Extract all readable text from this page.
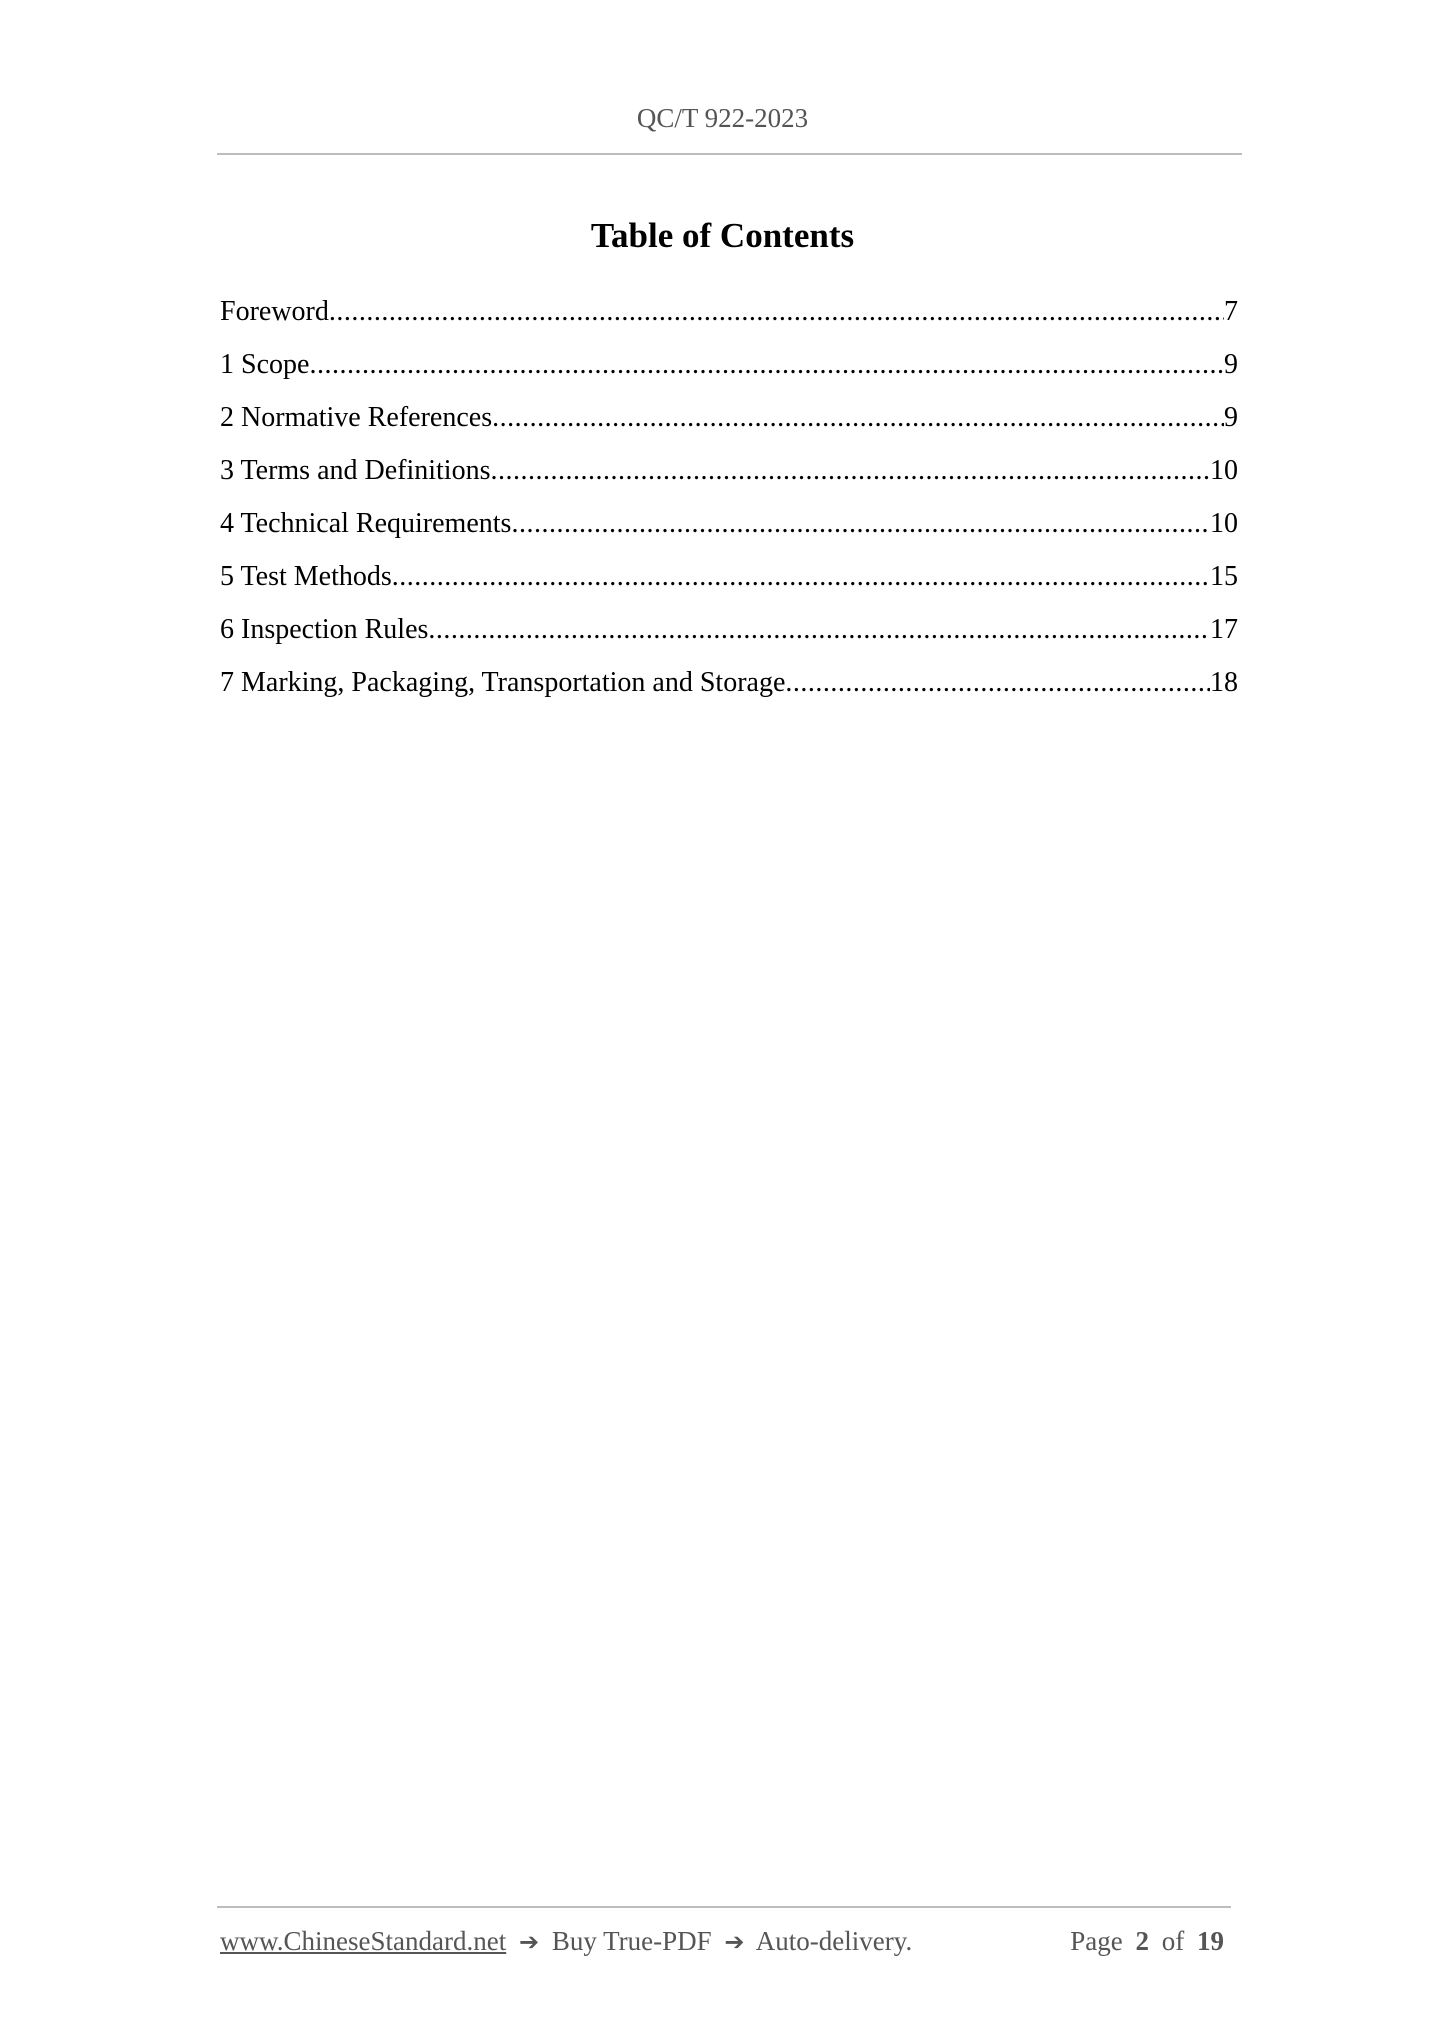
QC/T 922-2023
Table of Contents
Foreword .....	7
1 Scope .....	9
2 Normative References .....	9
3 Terms and Definitions .....	10
4 Technical Requirements .....	10
5 Test Methods .....	15
6 Inspection Rules .....	17
7 Marking, Packaging, Transportation and Storage .....	18
www.ChineseStandard.net ➔ Buy True-PDF ➔ Auto-delivery.	Page 2 of 19
